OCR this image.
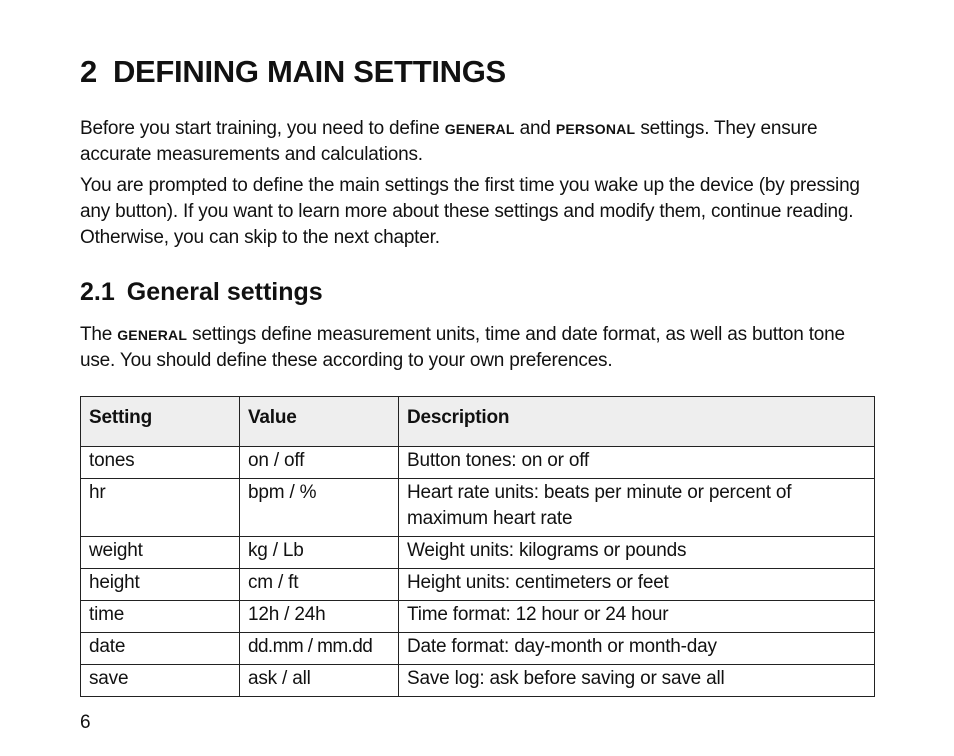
2 DEFINING MAIN SETTINGS

Before you start training, you need to define GENERAL and PERSONAL settings. They ensure accurate measurements and calculations.

You are prompted to define the main settings the first time you wake up the device (by pressing any button). If you want to learn more about these settings and modify them, continue reading. Otherwise, you can skip to the next chapter.

2.1 General settings

The GENERAL settings define measurement units, time and date format, as well as button tone use. You should define these according to your own preferences.

Setting	Value	Description
tones	on / off	Button tones: on or off
hr	bpm / %	Heart rate units: beats per minute or percent of maximum heart rate
weight	kg / Lb	Weight units: kilograms or pounds
height	cm / ft	Height units: centimeters or feet
time	12h / 24h	Time format: 12 hour or 24 hour
date	dd.mm / mm.dd	Date format: day-month or month-day
save	ask / all	Save log: ask before saving or save all
6
